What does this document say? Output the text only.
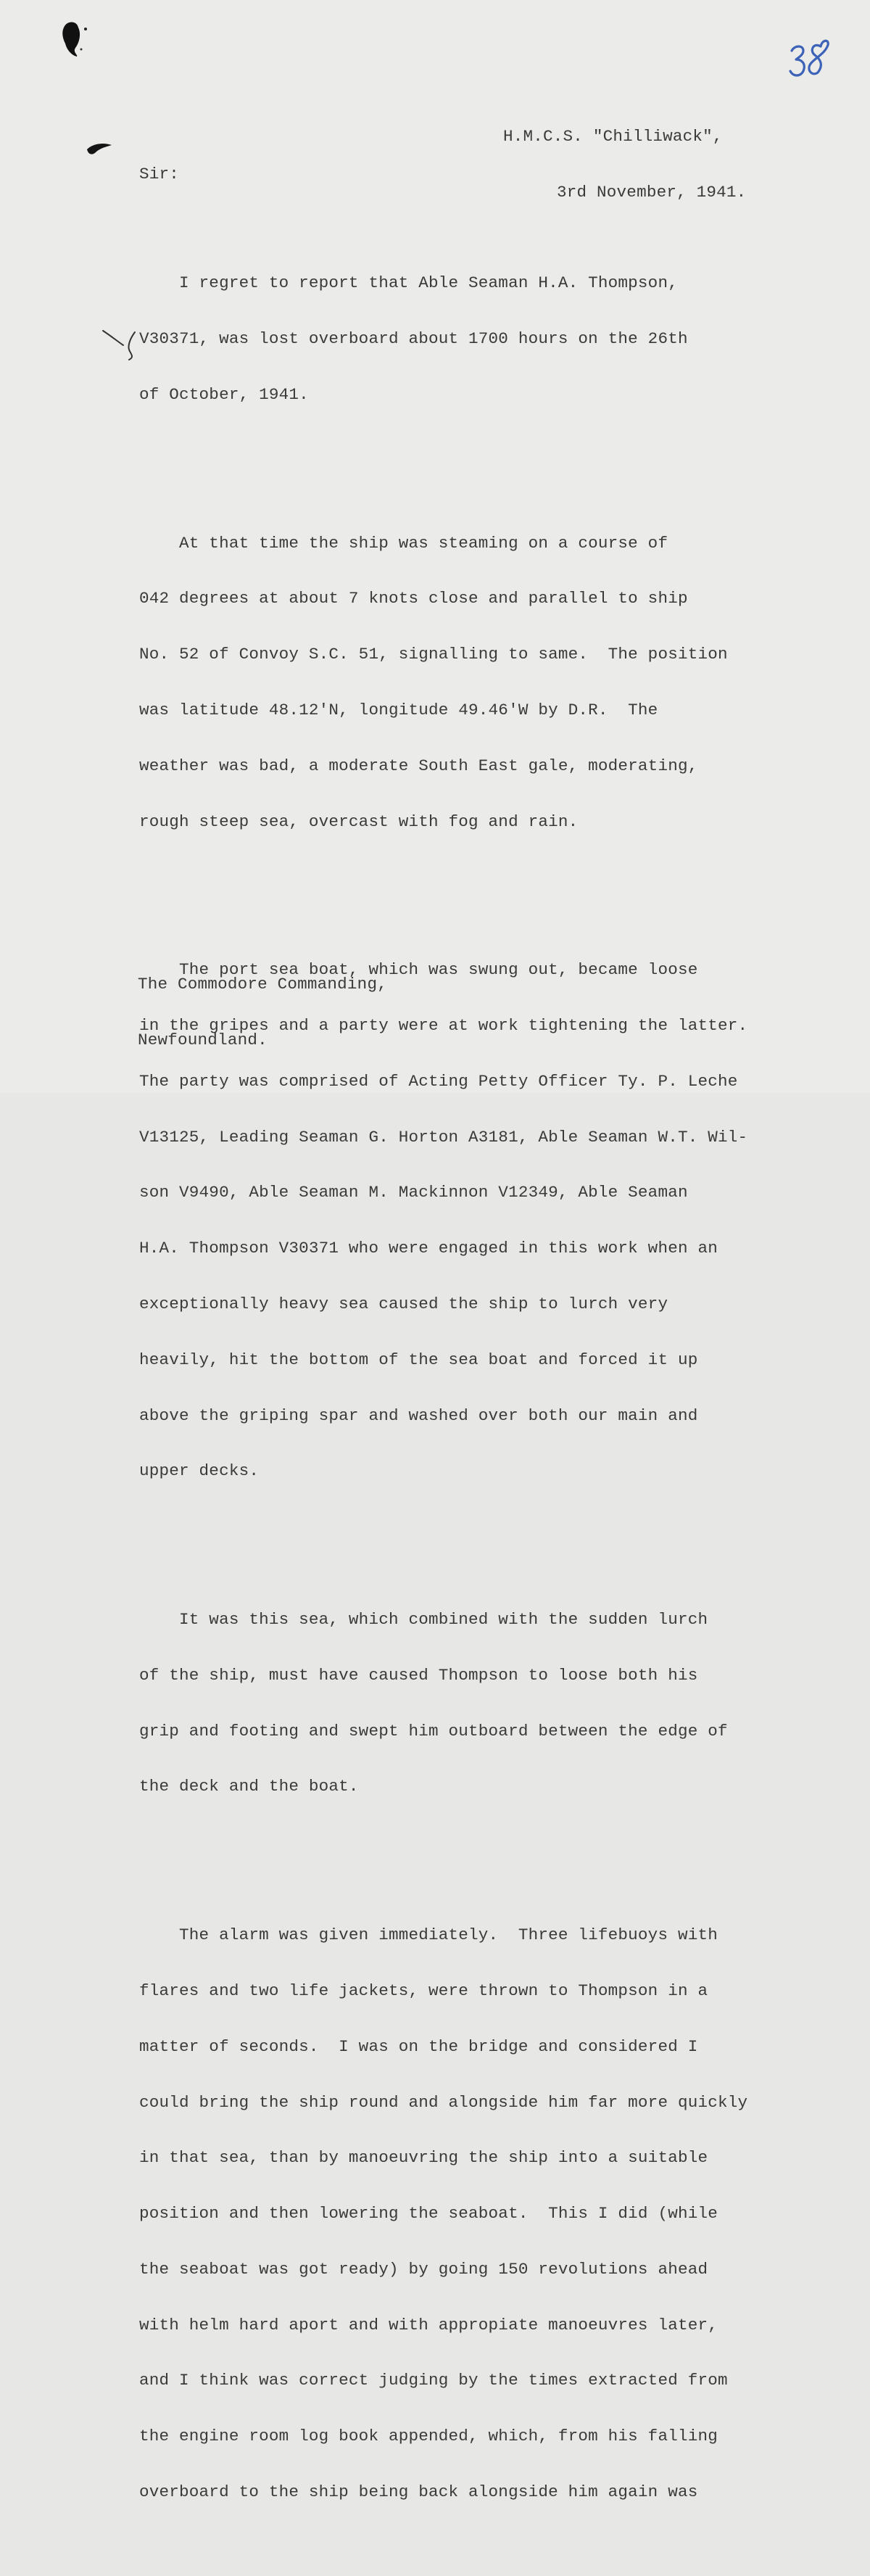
H.M.C.S. "Chilliwack",

3rd November, 1941.

Sir:

I regret to report that Able Seaman H.A. Thompson,

V30371, was lost overboard about 1700 hours on the 26th

of October, 1941.

At that time the ship was steaming on a course of

042 degrees at about 7 knots close and parallel to ship

No. 52 of Convoy S.C. 51, signalling to same.  The position

was latitude 48.12'N, longitude 49.46'W by D.R.  The

weather was bad, a moderate South East gale, moderating,

rough steep sea, overcast with fog and rain.

The port sea boat, which was swung out, became loose

in the gripes and a party were at work tightening the latter.

The party was comprised of Acting Petty Officer Ty. P. Leche

V13125, Leading Seaman G. Horton A3181, Able Seaman W.T. Wil-

son V9490, Able Seaman M. Mackinnon V12349, Able Seaman

H.A. Thompson V30371 who were engaged in this work when an

exceptionally heavy sea caused the ship to lurch very

heavily, hit the bottom of the sea boat and forced it up

above the griping spar and washed over both our main and

upper decks.

It was this sea, which combined with the sudden lurch

of the ship, must have caused Thompson to loose both his

grip and footing and swept him outboard between the edge of

the deck and the boat.

The alarm was given immediately.  Three lifebuoys with

flares and two life jackets, were thrown to Thompson in a

matter of seconds.  I was on the bridge and considered I

could bring the ship round and alongside him far more quickly

in that sea, than by manoeuvring the ship into a suitable

position and then lowering the seaboat.  This I did (while

the seaboat was got ready) by going 150 revolutions ahead

with helm hard aport and with appropiate manoeuvres later,

and I think was correct judging by the times extracted from

the engine room log book appended, which, from his falling

overboard to the ship being back alongside him again was

The Commodore Commanding,

Newfoundland.
